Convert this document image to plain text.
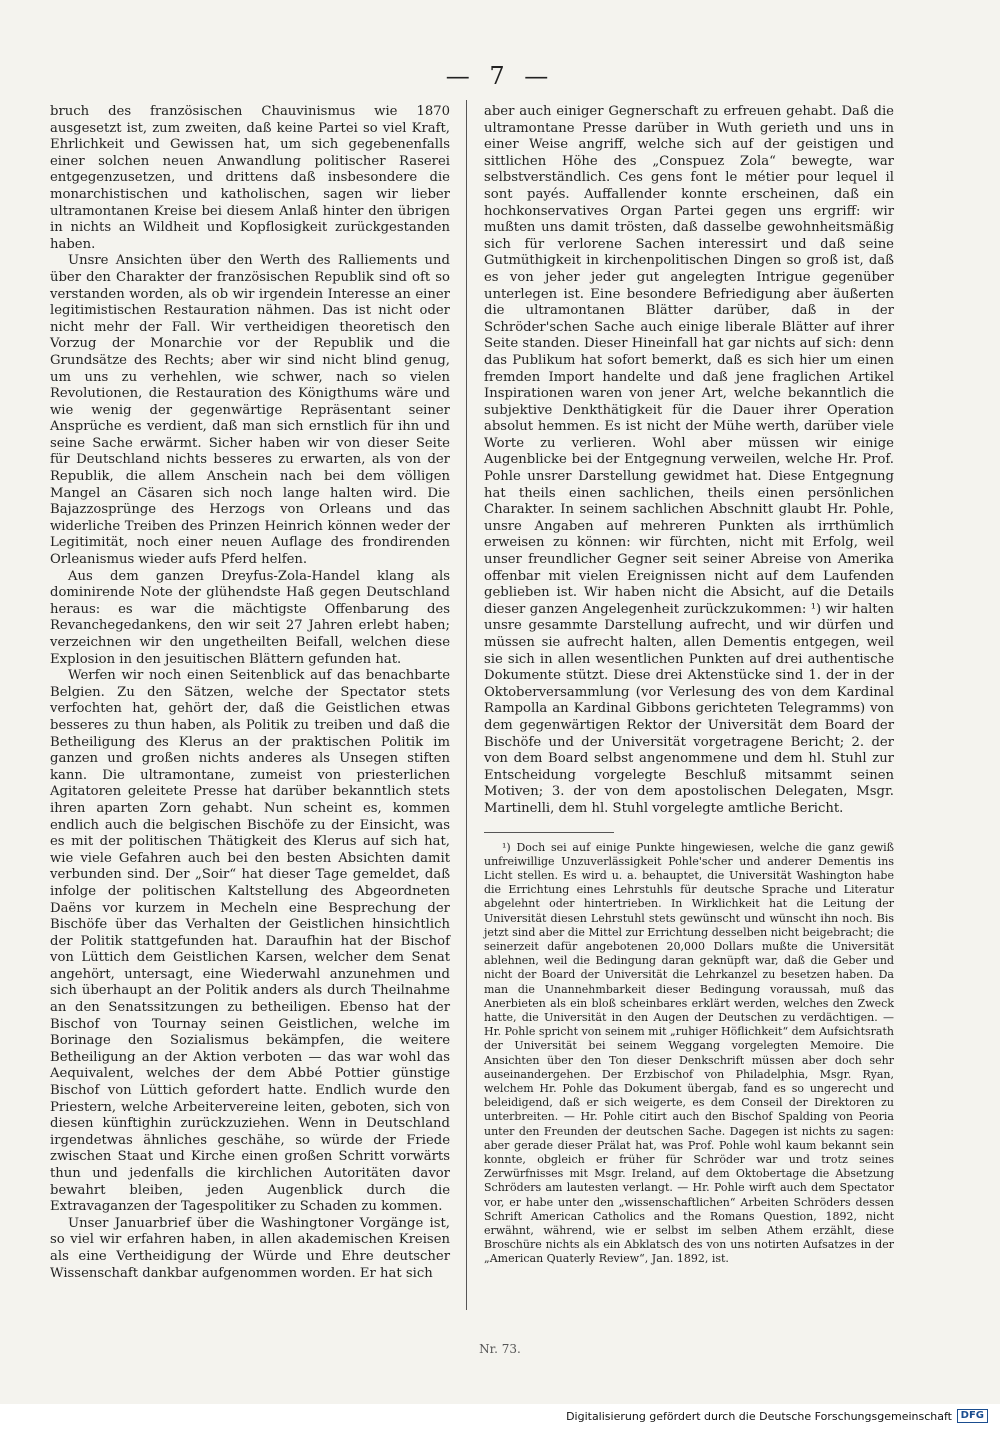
— 7 —

bruch des französischen Chauvinismus wie 1870 ausgesetzt ist, zum zweiten, daß keine Partei so viel Kraft, Ehrlichkeit und Gewissen hat, um sich gegebenenfalls einer solchen neuen Anwandlung politischer Raserei entgegenzusetzen, und drittens daß insbesondere die monarchistischen und katholischen, sagen wir lieber ultramontanen Kreise bei diesem Anlaß hinter den übrigen in nichts an Wildheit und Kopflosigkeit zurückgestanden haben.

Unsre Ansichten über den Werth des Ralliements und über den Charakter der französischen Republik sind oft so verstanden worden, als ob wir irgendein Interesse an einer legitimistischen Restauration nähmen. Das ist nicht oder nicht mehr der Fall. Wir vertheidigen theoretisch den Vorzug der Monarchie vor der Republik und die Grundsätze des Rechts; aber wir sind nicht blind genug, um uns zu verhehlen, wie schwer, nach so vielen Revolutionen, die Restauration des Königthums wäre und wie wenig der gegenwärtige Repräsentant seiner Ansprüche es verdient, daß man sich ernstlich für ihn und seine Sache erwärmt. Sicher haben wir von dieser Seite für Deutschland nichts besseres zu erwarten, als von der Republik, die allem Anschein nach bei dem völligen Mangel an Cäsaren sich noch lange halten wird. Die Bajazzosprünge des Herzogs von Orleans und das widerliche Treiben des Prinzen Heinrich können weder der Legitimität, noch einer neuen Auflage des frondirenden Orleanismus wieder aufs Pferd helfen.

Aus dem ganzen Dreyfus-Zola-Handel klang als dominirende Note der glühendste Haß gegen Deutschland heraus: es war die mächtigste Offenbarung des Revanchegedankens, den wir seit 27 Jahren erlebt haben; verzeichnen wir den ungetheilten Beifall, welchen diese Explosion in den jesuitischen Blättern gefunden hat.

Werfen wir noch einen Seitenblick auf das benachbarte Belgien. Zu den Sätzen, welche der Spectator stets verfochten hat, gehört der, daß die Geistlichen etwas besseres zu thun haben, als Politik zu treiben und daß die Betheiligung des Klerus an der praktischen Politik im ganzen und großen nichts anderes als Unsegen stiften kann. Die ultramontane, zumeist von priesterlichen Agitatoren geleitete Presse hat darüber bekanntlich stets ihren aparten Zorn gehabt. Nun scheint es, kommen endlich auch die belgischen Bischöfe zu der Einsicht, was es mit der politischen Thätigkeit des Klerus auf sich hat, wie viele Gefahren auch bei den besten Absichten damit verbunden sind. Der „Soir“ hat dieser Tage gemeldet, daß infolge der politischen Kaltstellung des Abgeordneten Daëns vor kurzem in Mecheln eine Besprechung der Bischöfe über das Verhalten der Geistlichen hinsichtlich der Politik stattgefunden hat. Daraufhin hat der Bischof von Lüttich dem Geistlichen Karsen, welcher dem Senat angehört, untersagt, eine Wiederwahl anzunehmen und sich überhaupt an der Politik anders als durch Theilnahme an den Senatssitzungen zu betheiligen. Ebenso hat der Bischof von Tournay seinen Geistlichen, welche im Borinage den Sozialismus bekämpfen, die weitere Betheiligung an der Aktion verboten — das war wohl das Aequivalent, welches der dem Abbé Pottier günstige Bischof von Lüttich gefordert hatte. Endlich wurde den Priestern, welche Arbeitervereine leiten, geboten, sich von diesen künftighin zurückzuziehen. Wenn in Deutschland irgendetwas ähnliches geschähe, so würde der Friede zwischen Staat und Kirche einen großen Schritt vorwärts thun und jedenfalls die kirchlichen Autoritäten davor bewahrt bleiben, jeden Augenblick durch die Extravaganzen der Tagespolitiker zu Schaden zu kommen.

Unser Januarbrief über die Washingtoner Vorgänge ist, so viel wir erfahren haben, in allen akademischen Kreisen als eine Vertheidigung der Würde und Ehre deutscher Wissenschaft dankbar aufgenommen worden. Er hat sich

aber auch einiger Gegnerschaft zu erfreuen gehabt. Daß die ultramontane Presse darüber in Wuth gerieth und uns in einer Weise angriff, welche sich auf der geistigen und sittlichen Höhe des „Conspuez Zola“ bewegte, war selbstverständlich. Ces gens font le métier pour lequel il sont payés. Auffallender konnte erscheinen, daß ein hochkonservatives Organ Partei gegen uns ergriff: wir mußten uns damit trösten, daß dasselbe gewohnheitsmäßig sich für verlorene Sachen interessirt und daß seine Gutmüthigkeit in kirchenpolitischen Dingen so groß ist, daß es von jeher jeder gut angelegten Intrigue gegenüber unterlegen ist. Eine besondere Befriedigung aber äußerten die ultramontanen Blätter darüber, daß in der Schröder'schen Sache auch einige liberale Blätter auf ihrer Seite standen. Dieser Hineinfall hat gar nichts auf sich: denn das Publikum hat sofort bemerkt, daß es sich hier um einen fremden Import handelte und daß jene fraglichen Artikel Inspirationen waren von jener Art, welche bekanntlich die subjektive Denkthätigkeit für die Dauer ihrer Operation absolut hemmen. Es ist nicht der Mühe werth, darüber viele Worte zu verlieren. Wohl aber müssen wir einige Augenblicke bei der Entgegnung verweilen, welche Hr. Prof. Pohle unsrer Darstellung gewidmet hat. Diese Entgegnung hat theils einen sachlichen, theils einen persönlichen Charakter. In seinem sachlichen Abschnitt glaubt Hr. Pohle, unsre Angaben auf mehreren Punkten als irrthümlich erweisen zu können: wir fürchten, nicht mit Erfolg, weil unser freundlicher Gegner seit seiner Abreise von Amerika offenbar mit vielen Ereignissen nicht auf dem Laufenden geblieben ist. Wir haben nicht die Absicht, auf die Details dieser ganzen Angelegenheit zurückzukommen: ¹) wir halten unsre gesammte Darstellung aufrecht, und wir dürfen und müssen sie aufrecht halten, allen Dementis entgegen, weil sie sich in allen wesentlichen Punkten auf drei authentische Dokumente stützt. Diese drei Aktenstücke sind 1. der in der Oktoberversammlung (vor Verlesung des von dem Kardinal Rampolla an Kardinal Gibbons gerichteten Telegramms) von dem gegenwärtigen Rektor der Universität dem Board der Bischöfe und der Universität vorgetragene Bericht; 2. der von dem Board selbst angenommene und dem hl. Stuhl zur Entscheidung vorgelegte Beschluß mitsammt seinen Motiven; 3. der von dem apostolischen Delegaten, Msgr. Martinelli, dem hl. Stuhl vorgelegte amtliche Bericht.

¹) Doch sei auf einige Punkte hingewiesen, welche die ganz gewiß unfreiwillige Unzuverlässigkeit Pohle'scher und anderer Dementis ins Licht stellen. Es wird u. a. behauptet, die Universität Washington habe die Errichtung eines Lehrstuhls für deutsche Sprache und Literatur abgelehnt oder hintertrieben. In Wirklichkeit hat die Leitung der Universität diesen Lehrstuhl stets gewünscht und wünscht ihn noch. Bis jetzt sind aber die Mittel zur Errichtung desselben nicht beigebracht; die seinerzeit dafür angebotenen 20,000 Dollars mußte die Universität ablehnen, weil die Bedingung daran geknüpft war, daß die Geber und nicht der Board der Universität die Lehrkanzel zu besetzen haben. Da man die Unannehmbarkeit dieser Bedingung voraussah, muß das Anerbieten als ein bloß scheinbares erklärt werden, welches den Zweck hatte, die Universität in den Augen der Deutschen zu verdächtigen. — Hr. Pohle spricht von seinem mit „ruhiger Höflichkeit“ dem Aufsichtsrath der Universität bei seinem Weggang vorgelegten Memoire. Die Ansichten über den Ton dieser Denkschrift müssen aber doch sehr auseinandergehen. Der Erzbischof von Philadelphia, Msgr. Ryan, welchem Hr. Pohle das Dokument übergab, fand es so ungerecht und beleidigend, daß er sich weigerte, es dem Conseil der Direktoren zu unterbreiten. — Hr. Pohle citirt auch den Bischof Spalding von Peoria unter den Freunden der deutschen Sache. Dagegen ist nichts zu sagen: aber gerade dieser Prälat hat, was Prof. Pohle wohl kaum bekannt sein konnte, obgleich er früher für Schröder war und trotz seines Zerwürfnisses mit Msgr. Ireland, auf dem Oktobertage die Absetzung Schröders am lautesten verlangt. — Hr. Pohle wirft auch dem Spectator vor, er habe unter den „wissenschaftlichen“ Arbeiten Schröders dessen Schrift American Catholics and the Romans Question, 1892, nicht erwähnt, während, wie er selbst im selben Athem erzählt, diese Broschüre nichts als ein Abklatsch des von uns notirten Aufsatzes in der „American Quaterly Review“, Jan. 1892, ist.

Nr. 73.
Digitalisierung gefördert durch die Deutsche Forschungsgemeinschaft DFG
